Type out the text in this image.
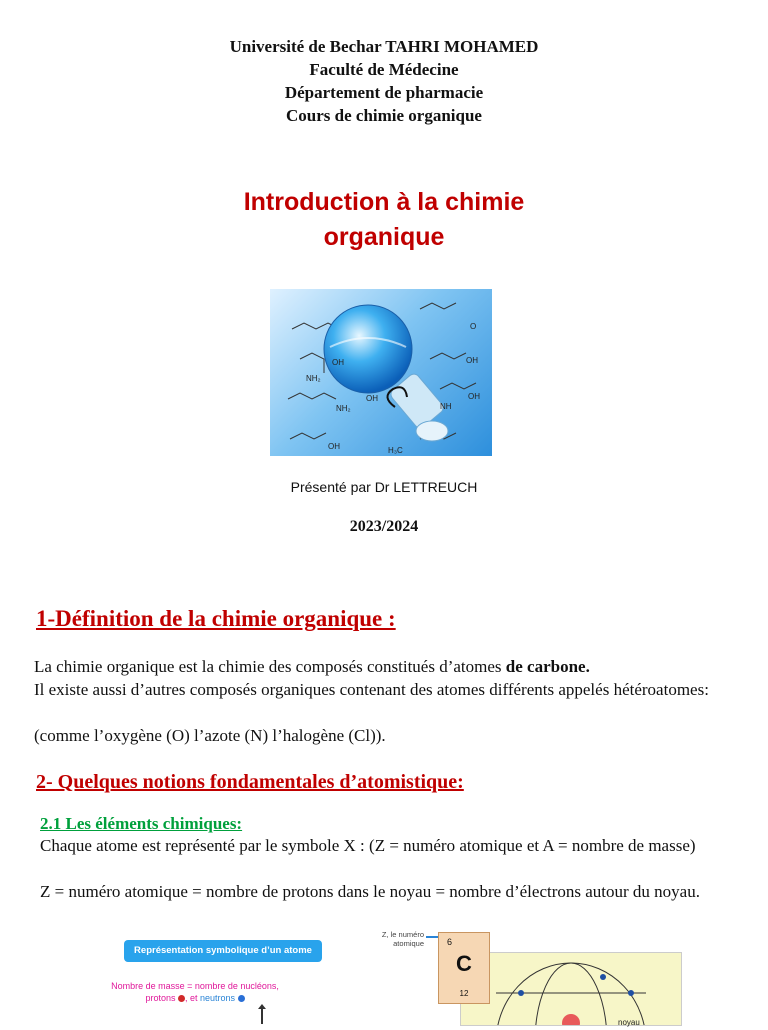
Université de Bechar TAHRI MOHAMED
Faculté de Médecine
Département de pharmacie
Cours de chimie organique
Introduction à la chimie
organique
OH
NH₂
NH₂
OH
OH
OH
NH
H₃C
OH
O
Présenté par Dr LETTREUCH
2023/2024
1-Définition de la chimie organique :
La chimie organique est la chimie des composés constitués d’atomes de carbone.
Il existe aussi d’autres composés organiques contenant des atomes différents appelés hétéroatomes:
(comme l’oxygène (O) l’azote (N) l’halogène (Cl)).
2- Quelques notions fondamentales d’atomistique:
2.1 Les éléments chimiques:
Chaque atome est représenté par le symbole X : (Z = numéro atomique et A = nombre de masse)
Z = numéro atomique = nombre de protons dans le noyau = nombre d’électrons autour du noyau.
Représentation symbolique d’un atome
Nombre de masse = nombre de nucléons,
protons , et neutrons
Z, le numéro
atomique	6
C
12
noyau
